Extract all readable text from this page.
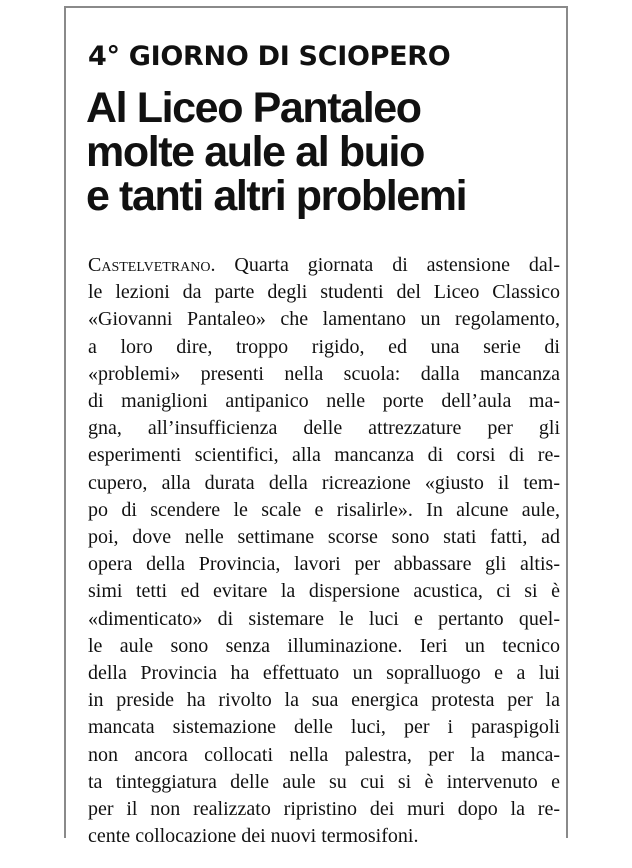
4° GIORNO DI SCIOPERO
Al Liceo Pantaleo
molte aule al buio
e tanti altri problemi
Castelvetrano. Quarta giornata di astensione dal-
le lezioni da parte degli studenti del Liceo Classico
«Giovanni Pantaleo» che lamentano un regolamento,
a loro dire, troppo rigido, ed una serie di
«problemi» presenti nella scuola: dalla mancanza
di maniglioni antipanico nelle porte dell’aula ma-
gna, all’insufficienza delle attrezzature per gli
esperimenti scientifici, alla mancanza di corsi di re-
cupero, alla durata della ricreazione «giusto il tem-
po di scendere le scale e risalirle». In alcune aule,
poi, dove nelle settimane scorse sono stati fatti, ad
opera della Provincia, lavori per abbassare gli altis-
simi tetti ed evitare la dispersione acustica, ci si è
«dimenticato» di sistemare le luci e pertanto quel-
le aule sono senza illuminazione. Ieri un tecnico
della Provincia ha effettuato un sopralluogo e a lui
in preside ha rivolto la sua energica protesta per la
mancata sistemazione delle luci, per i paraspigoli
non ancora collocati nella palestra, per la manca-
ta tinteggiatura delle aule su cui si è intervenuto e
per il non realizzato ripristino dei muri dopo la re-
cente collocazione dei nuovi termosifoni.
